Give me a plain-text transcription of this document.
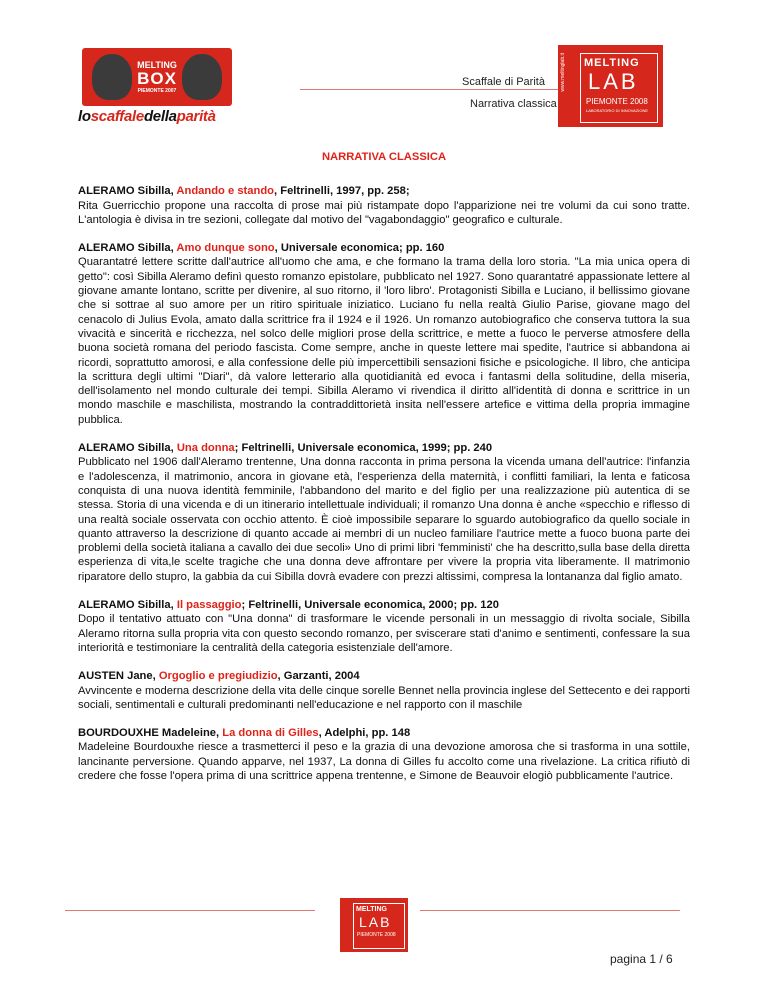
MELTING
BOX
PIEMONTE 2007
loscaffaledellaparità
Scaffale di Parità
Narrativa classica
www.meltinglab.it MELTING
LAB
PIEMONTE 2008
LABORATORIO DI INNOVAZIONE
NARRATIVA CLASSICA
ALERAMO Sibilla, Andando e stando, Feltrinelli, 1997, pp. 258;

Rita Guerricchio propone una raccolta di prose mai più ristampate dopo l'apparizione nei tre volumi da cui sono tratte. L'antologia è divisa in tre sezioni, collegate dal motivo del "vagabondaggio" geografico e culturale.

ALERAMO Sibilla, Amo dunque sono, Universale economica; pp. 160

Quarantatré lettere scritte dall'autrice all'uomo che ama, e che formano la trama della loro storia. "La mia unica opera di getto": così Sibilla Aleramo definì questo romanzo epistolare, pubblicato nel 1927. Sono quarantatré appassionate lettere al giovane amante lontano, scritte per divenire, al suo ritorno, il 'loro libro'. Protagonisti Sibilla e Luciano, il bellissimo giovane che si sottrae al suo amore per un ritiro spirituale iniziatico. Luciano fu nella realtà Giulio Parise, giovane mago del cenacolo di Julius Evola, amato dalla scrittrice fra il 1924 e il 1926. Un romanzo autobiografico che conserva tuttora la sua vivacità e sincerità e ricchezza, nel solco delle migliori prose della scrittrice, e mette a fuoco le perverse atmosfere della buona società romana del periodo fascista. Come sempre, anche in queste lettere mai spedite, l'autrice si abbandona ai ricordi, soprattutto amorosi, e alla confessione delle più impercettibili sensazioni fisiche e psicologiche. Il libro, che anticipa la scrittura degli ultimi "Diari", dà valore letterario alla quotidianità ed evoca i fantasmi della solitudine, della miseria, dell'isolamento nel mondo culturale dei tempi. Sibilla Aleramo vi rivendica il diritto all'identità di donna e scrittrice in un mondo maschile e maschilista, mostrando la contraddittorietà insita nell'essere artefice e vittima della propria immagine pubblica.

ALERAMO Sibilla, Una donna; Feltrinelli, Universale economica, 1999; pp. 240

Pubblicato nel 1906 dall'Aleramo trentenne, Una donna racconta in prima persona la vicenda umana dell'autrice: l'infanzia e l'adolescenza, il matrimonio, ancora in giovane età, l'esperienza della maternità, i conflitti familiari, la lenta e faticosa conquista di una nuova identità femminile, l'abbandono del marito e del figlio per una realizzazione più autentica di se stessa. Storia di una vicenda e di un itinerario intellettuale individuali; il romanzo Una donna è anche «specchio e riflesso di una realtà sociale osservata con occhio attento. È cioè impossibile separare lo sguardo autobiografico da quello sociale in quanto attraverso la descrizione di quanto accade ai membri di un nucleo familiare l'autrice mette a fuoco buona parte dei problemi della società italiana a cavallo dei due secoli» Uno di primi libri 'femministi' che ha descritto,sulla base della diretta esperienza di vita,le scelte tragiche che una donna deve affrontare per vivere la propria vita liberamente. Il matrimonio riparatore dello stupro, la gabbia da cui Sibilla dovrà evadere con prezzi altissimi, compresa la lontananza dal figlio amato.

ALERAMO Sibilla, Il passaggio; Feltrinelli, Universale economica, 2000; pp. 120

Dopo il tentativo attuato con "Una donna" di trasformare le vicende personali in un messaggio di rivolta sociale, Sibilla Aleramo ritorna sulla propria vita con questo secondo romanzo, per sviscerare stati d'animo e sentimenti, confessare la sua interiorità e testimoniare la centralità della categoria esistenziale dell'amore.

AUSTEN Jane, Orgoglio e pregiudizio, Garzanti, 2004

Avvincente e moderna descrizione della vita delle cinque sorelle Bennet nella provincia inglese del Settecento e dei rapporti sociali, sentimentali e culturali predominanti nell'educazione e nel rapporto con il maschile

BOURDOUXHE Madeleine, La donna di Gilles, Adelphi, pp. 148

Madeleine Bourdouxhe riesce a trasmetterci il peso e la grazia di una devozione amorosa che si trasforma in una sottile, lancinante perversione. Quando apparve, nel 1937, La donna di Gilles fu accolto come una rivelazione. La critica rifiutò di credere che fosse l'opera prima di una scrittrice appena trentenne, e Simone de Beauvoir elogiò pubblicamente l'autrice.

MELTING
LAB
PIEMONTE 2008
pagina 1 / 6
